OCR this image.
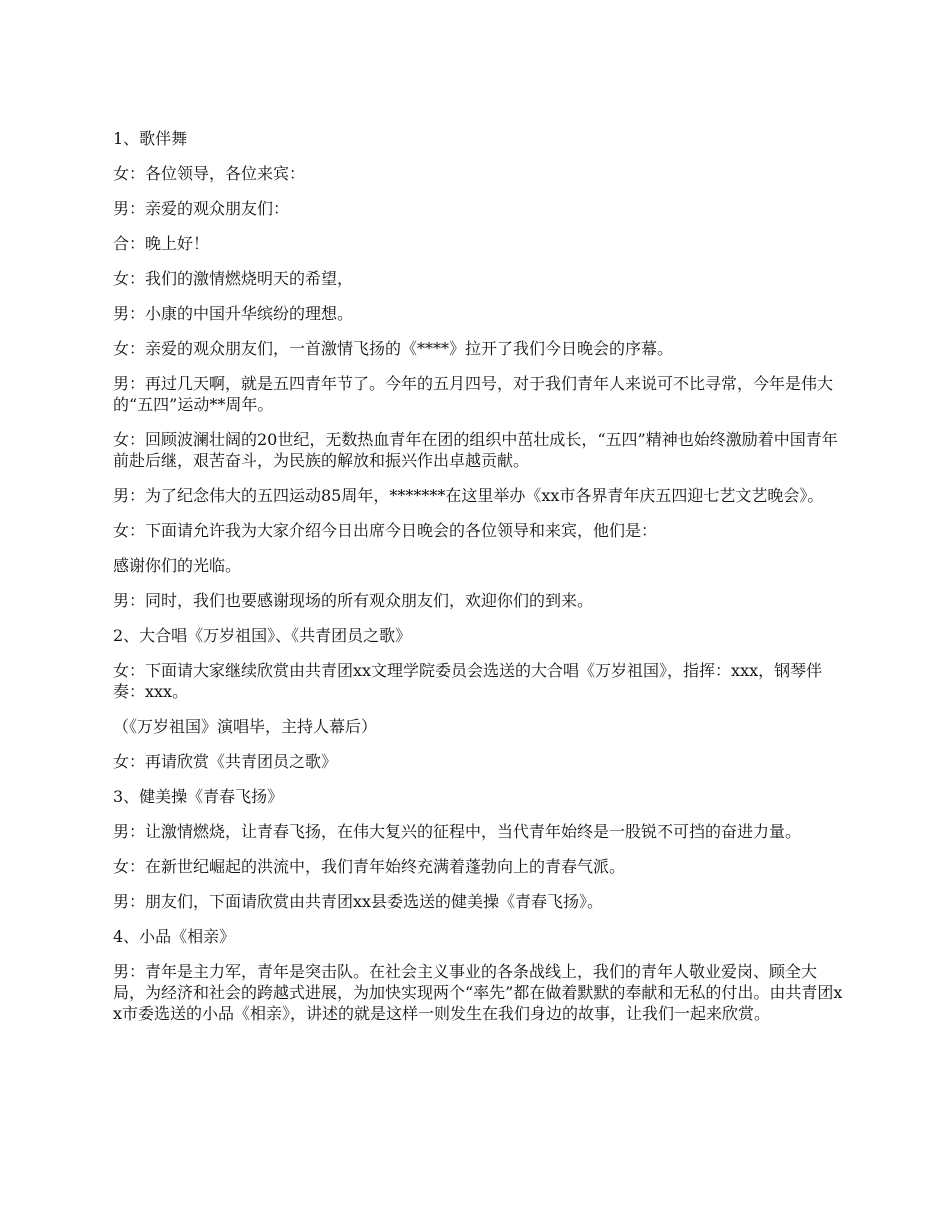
1、歌伴舞

女：各位领导，各位来宾：

男：亲爱的观众朋友们：

合：晚上好！

女：我们的激情燃烧明天的希望，

男：小康的中国升华缤纷的理想。

女：亲爱的观众朋友们，一首激情飞扬的《****》拉开了我们今日晚会的序幕。

男：再过几天啊，就是五四青年节了。今年的五月四号，对于我们青年人来说可不比寻常，今年是伟大的“五四”运动**周年。

女：回顾波澜壮阔的20世纪，无数热血青年在团的组织中茁壮成长，“五四”精神也始终激励着中国青年前赴后继，艰苦奋斗，为民族的解放和振兴作出卓越贡献。

男：为了纪念伟大的五四运动85周年，*******在这里举办《xx市各界青年庆五四迎七艺文艺晚会》。

女：下面请允许我为大家介绍今日出席今日晚会的各位领导和来宾，他们是：

感谢你们的光临。

男：同时，我们也要感谢现场的所有观众朋友们，欢迎你们的到来。

2、大合唱《万岁祖国》、《共青团员之歌》

女：下面请大家继续欣赏由共青团xx文理学院委员会选送的大合唱《万岁祖国》，指挥：xxx，钢琴伴奏：xxx。

（《万岁祖国》演唱毕，主持人幕后）

女：再请欣赏《共青团员之歌》

3、健美操《青春飞扬》

男：让激情燃烧，让青春飞扬，在伟大复兴的征程中，当代青年始终是一股锐不可挡的奋进力量。

女：在新世纪崛起的洪流中，我们青年始终充满着蓬勃向上的青春气派。

男：朋友们，下面请欣赏由共青团xx县委选送的健美操《青春飞扬》。

4、小品《相亲》

男：青年是主力军，青年是突击队。在社会主义事业的各条战线上，我们的青年人敬业爱岗、顾全大局，为经济和社会的跨越式进展，为加快实现两个“率先”都在做着默默的奉献和无私的付出。由共青团xx市委选送的小品《相亲》，讲述的就是这样一则发生在我们身边的故事，让我们一起来欣赏。
